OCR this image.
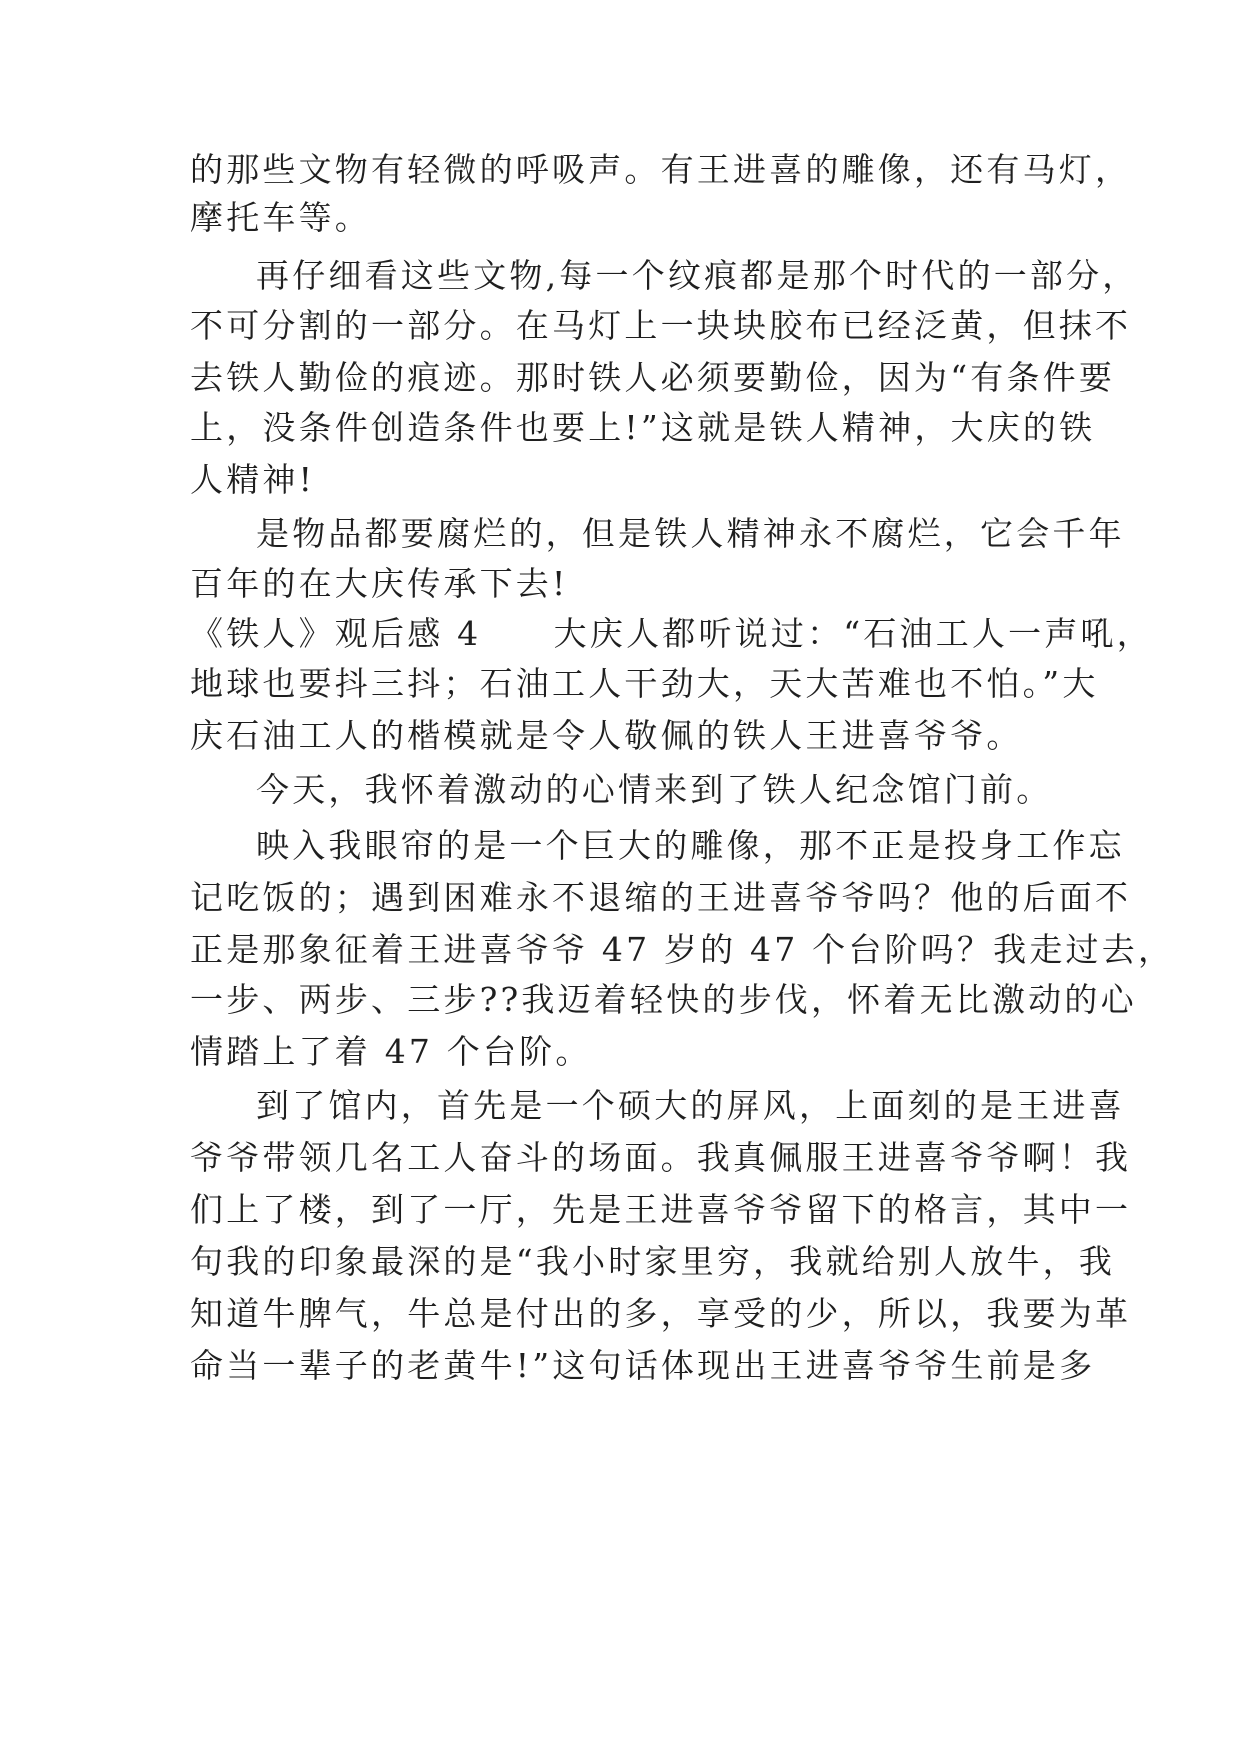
的那些文物有轻微的呼吸声。有王进喜的雕像，还有马灯，
摩托车等。
再仔细看这些文物,每一个纹痕都是那个时代的一部分，
不可分割的一部分。在马灯上一块块胶布已经泛黄，但抹不
去铁人勤俭的痕迹。那时铁人必须要勤俭，因为“有条件要
上，没条件创造条件也要上!”这就是铁人精神，大庆的铁
人精神!
是物品都要腐烂的，但是铁人精神永不腐烂，它会千年
百年的在大庆传承下去!
《铁人》观后感 4　　大庆人都听说过：“石油工人一声吼，
地球也要抖三抖；石油工人干劲大，天大苦难也不怕。”大
庆石油工人的楷模就是令人敬佩的铁人王进喜爷爷。
今天，我怀着激动的心情来到了铁人纪念馆门前。
映入我眼帘的是一个巨大的雕像，那不正是投身工作忘
记吃饭的；遇到困难永不退缩的王进喜爷爷吗？他的后面不
正是那象征着王进喜爷爷 47 岁的 47 个台阶吗？我走过去，
一步、两步、三步??我迈着轻快的步伐，怀着无比激动的心
情踏上了着 47 个台阶。
到了馆内，首先是一个硕大的屏风，上面刻的是王进喜
爷爷带领几名工人奋斗的场面。我真佩服王进喜爷爷啊！我
们上了楼，到了一厅，先是王进喜爷爷留下的格言，其中一
句我的印象最深的是“我小时家里穷，我就给别人放牛，我
知道牛脾气，牛总是付出的多，享受的少，所以，我要为革
命当一辈子的老黄牛!”这句话体现出王进喜爷爷生前是多
